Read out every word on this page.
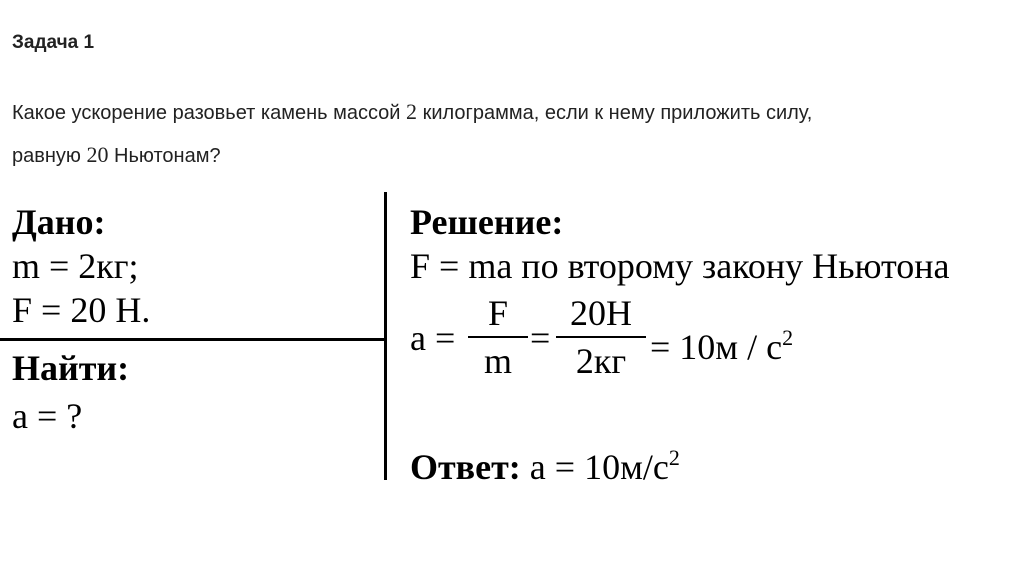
Задача 1
Какое ускорение разовьет камень массой 2 килограмма, если к нему приложить силу,
равную 20 Ньютонам?
Дано:
m = 2кг;
F = 20 Н.
Найти:
a = ?
Решение:
F = ma по второму закону Ньютона
a =
F
m
=
20Н
$2кг = 10м / с^2$
Ответ: $a = 10м/с^2$
